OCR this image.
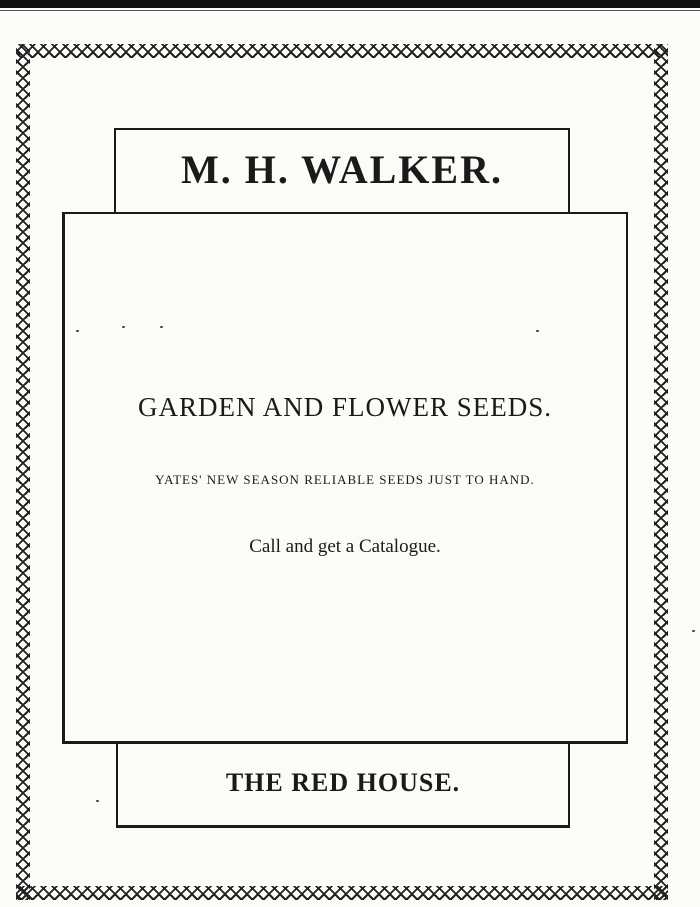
M. H. WALKER.
GARDEN AND FLOWER SEEDS.
YATES' NEW SEASON RELIABLE SEEDS JUST TO HAND.
Call and get a Catalogue.
THE RED HOUSE.
